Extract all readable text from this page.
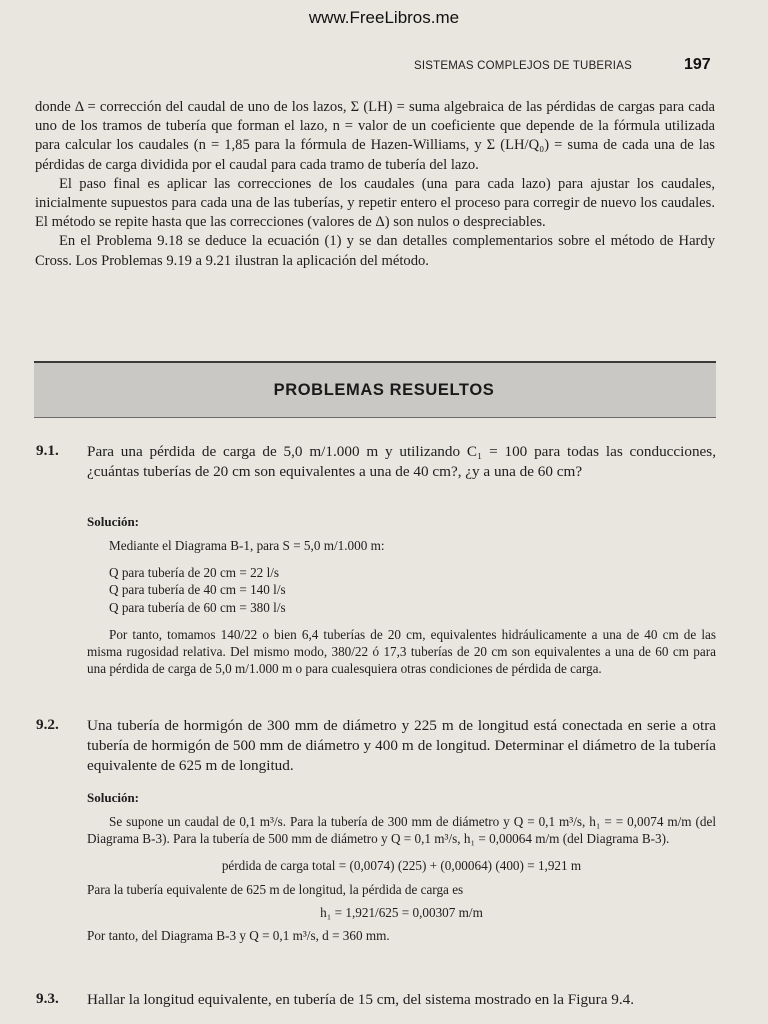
www.FreeLibros.me
SISTEMAS COMPLEJOS DE TUBERIAS	197

donde Δ = corrección del caudal de uno de los lazos, Σ (LH) = suma algebraica de las pérdidas de cargas para cada uno de los tramos de tubería que forman el lazo, n = valor de un coeficiente que depende de la fórmula utilizada para calcular los caudales (n = 1,85 para la fórmula de Hazen-Williams, y Σ (LH/Q₀) = suma de cada una de las pérdidas de carga dividida por el caudal para cada tramo de tubería del lazo.

El paso final es aplicar las correcciones de los caudales (una para cada lazo) para ajustar los caudales, inicialmente supuestos para cada una de las tuberías, y repetir entero el proceso para corregir de nuevo los caudales. El método se repite hasta que las correcciones (valores de Δ) son nulos o despreciables.

En el Problema 9.18 se deduce la ecuación (1) y se dan detalles complementarios sobre el método de Hardy Cross. Los Problemas 9.19 a 9.21 ilustran la aplicación del método.

PROBLEMAS RESUELTOS
9.1. Para una pérdida de carga de 5,0 m/1.000 m y utilizando C₁ = 100 para todas las conducciones, ¿cuántas tuberías de 20 cm son equivalentes a una de 40 cm?, ¿y a una de 60 cm?
Solución:

Mediante el Diagrama B-1, para S = 5,0 m/1.000 m:

Q para tubería de 20 cm = 22 l/s

Q para tubería de 40 cm = 140 l/s

Q para tubería de 60 cm = 380 l/s

Por tanto, tomamos 140/22 o bien 6,4 tuberías de 20 cm, equivalentes hidráulicamente a una de 40 cm de las misma rugosidad relativa. Del mismo modo, 380/22 ó 17,3 tuberías de 20 cm son equivalentes a una de 60 cm para una pérdida de carga de 5,0 m/1.000 m o para cualesquiera otras condiciones de pérdida de carga.

9.2. Una tubería de hormigón de 300 mm de diámetro y 225 m de longitud está conectada en serie a otra tubería de hormigón de 500 mm de diámetro y 400 m de longitud. Determinar el diámetro de la tubería equivalente de 625 m de longitud.
Solución:

Se supone un caudal de 0,1 m³/s. Para la tubería de 300 mm de diámetro y Q = 0,1 m³/s, h₁ = = 0,0074 m/m (del Diagrama B-3). Para la tubería de 500 mm de diámetro y Q = 0,1 m³/s, h₁ = 0,00064 m/m (del Diagrama B-3).

pérdida de carga total = (0,0074) (225) + (0,00064) (400) = 1,921 m

Para la tubería equivalente de 625 m de longitud, la pérdida de carga es

h₁ = 1,921/625 = 0,00307 m/m

Por tanto, del Diagrama B-3 y Q = 0,1 m³/s, d = 360 mm.

9.3. Hallar la longitud equivalente, en tubería de 15 cm, del sistema mostrado en la Figura 9.4.
